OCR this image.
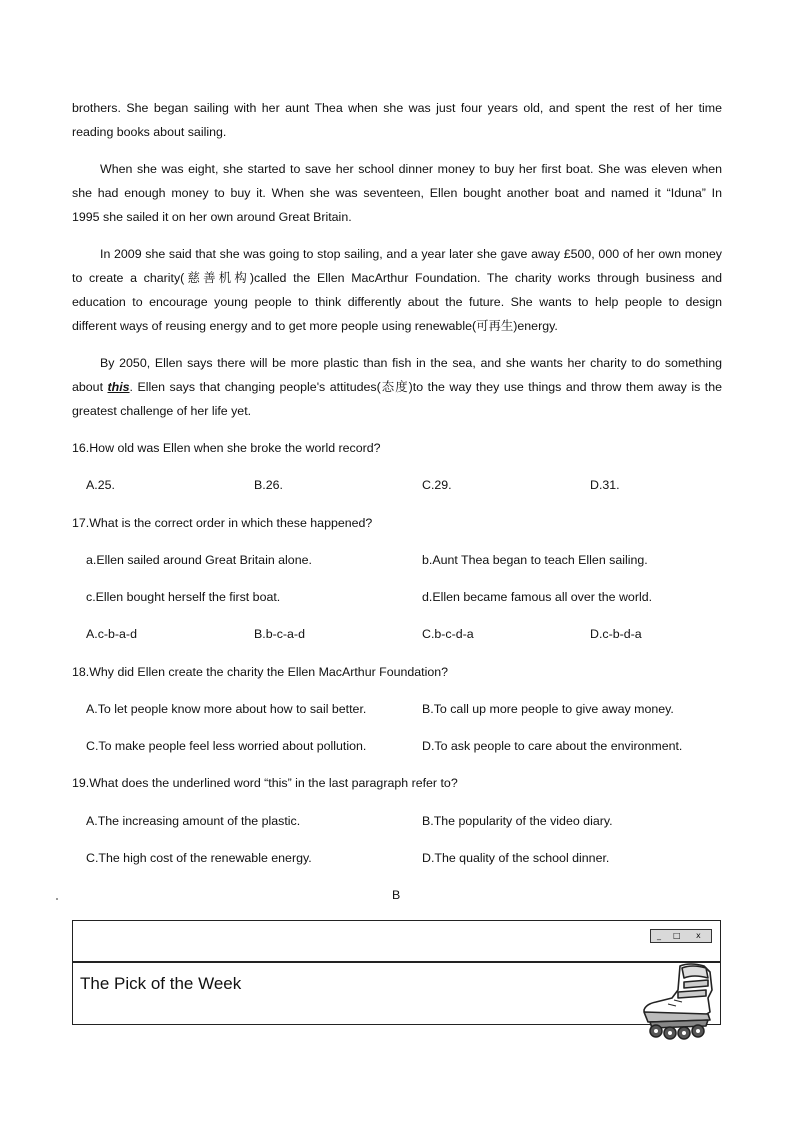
brothers. She began sailing with her aunt Thea when she was just four years old, and spent the rest of her time
reading books about sailing.
When she was eight, she started to save her school dinner money to buy her first boat. She was eleven when
she had enough money to buy it. When she was seventeen, Ellen bought another boat and named it “Iduna” In
1995 she sailed it on her own around Great Britain.
In 2009 she said that she was going to stop sailing, and a year later she gave away £500, 000 of her own money
to create a charity(慈善机构)called the Ellen MacArthur Foundation. The charity works through business and
education to encourage young people to think differently about the future. She wants to help people to design
different ways of reusing energy and to get more people using renewable(可再生)energy.
By 2050, Ellen says there will be more plastic than fish in the sea, and she wants her charity to do something
about this. Ellen says that changing people's attitudes(态度)to the way they use things and throw them away is the
greatest challenge of her life yet.
16.How old was Ellen when she broke the world record?
A.25.	B.26.	C.29.	D.31.
17.What is the correct order in which these happened?
a.Ellen sailed around Great Britain alone.	b.Aunt Thea began to teach Ellen sailing.
c.Ellen bought herself the first boat.	d.Ellen became famous all over the world.
A.c-b-a-d	B.b-c-a-d	C.b-c-d-a	D.c-b-d-a
18.Why did Ellen create the charity the Ellen MacArthur Foundation?
A.To let people know more about how to sail better.	B.To call up more people to give away money.
C.To make people feel less worried about pollution.	D.To ask people to care about the environment.
19.What does the underlined word “this” in the last paragraph refer to?
A.The increasing amount of the plastic.	B.The popularity of the video diary.
C.The high cost of the renewable energy.	D.The quality of the school dinner.
B
_ □ x
The Pick of the Week
